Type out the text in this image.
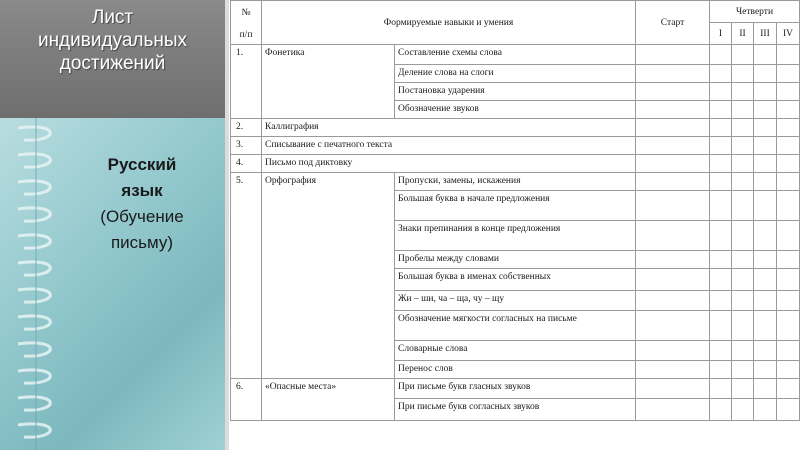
Лист
индивидуальных
достижений
Русский
язык
(Обучение
письму)
№
п/п	Формируемые навыки и умения		Старт	Четверти			
				I	II	III	IV
1.	Фонетика	Составление схемы слова					
		Деление слова на слоги					
		Постановка ударения					
		Обозначение звуков					
2.	Каллиграфия						
3.	Списывание с печатного текста						
4.	Письмо под диктовку						
5.	Орфография	Пропуски, замены, искажения					
		Большая буква в начале предложения					
		Знаки препинания в конце предложения					
		Пробелы между словами					
		Большая буква в именах собственных					
		Жи – ши, ча – ща, чу – щу					
		Обозначение мягкости согласных на письме					
		Словарные слова					
		Перенос слов					
6.	«Опасные места»	При письме букв гласных звуков					
		При письме букв согласных звуков					
